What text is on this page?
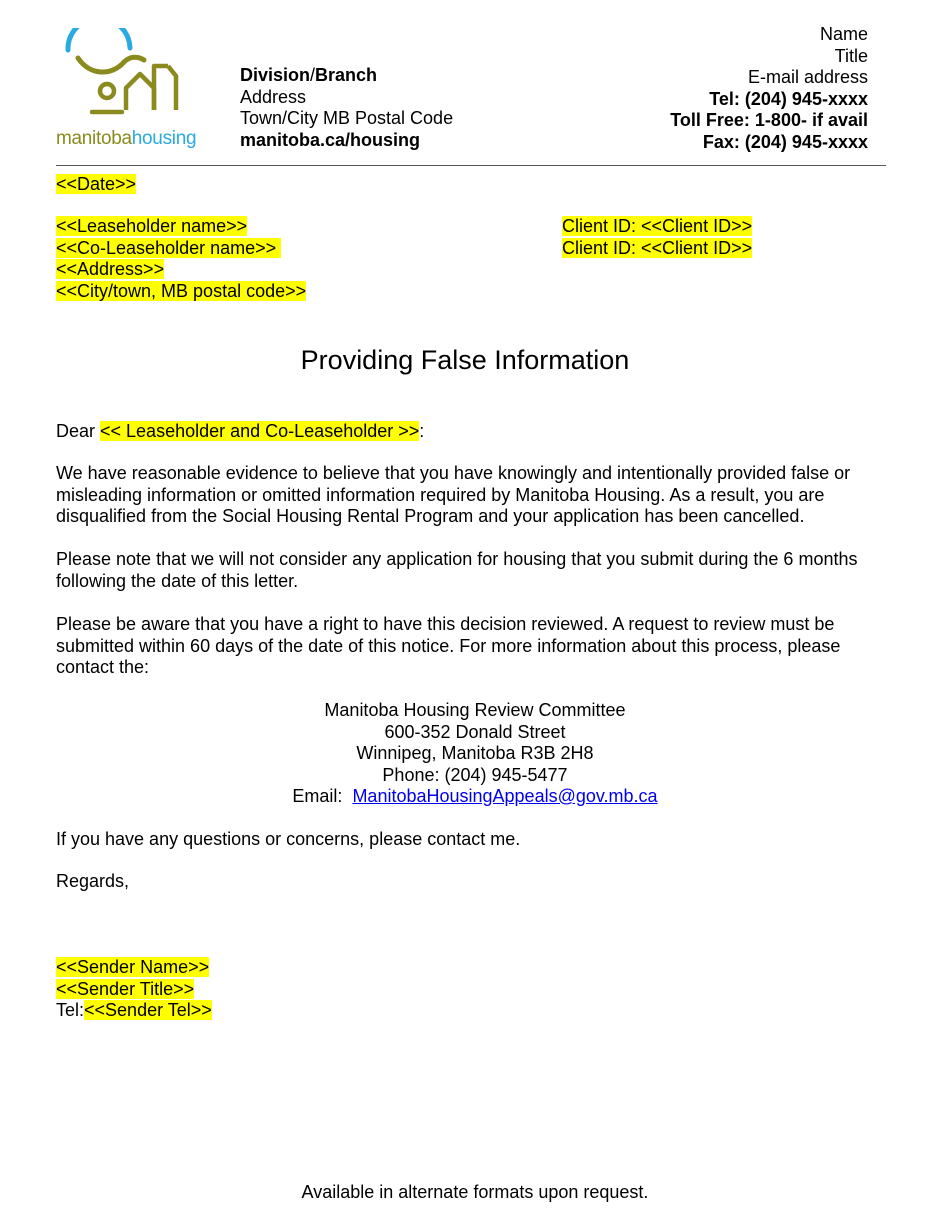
manitobahousing
Division/Branch
Address
Town/City MB Postal Code
manitoba.ca/housing
Name
Title
E-mail address
Tel: (204) 945-xxxx
Toll Free: 1-800- if avail
Fax: (204) 945-xxxx
<<Date>>
<<Leaseholder name>>
<<Co-Leaseholder name>>
<<Address>>
<<City/town, MB postal code>>
Client ID: <<Client ID>>
Client ID: <<Client ID>>
Providing False Information
Dear << Leaseholder and Co-Leaseholder >>:
We have reasonable evidence to believe that you have knowingly and intentionally provided false or misleading information or omitted information required by Manitoba Housing. As a result, you are disqualified from the Social Housing Rental Program and your application has been cancelled.
Please note that we will not consider any application for housing that you submit during the 6 months following the date of this letter.
Please be aware that you have a right to have this decision reviewed. A request to review must be submitted within 60 days of the date of this notice. For more information about this process, please contact the:
Manitoba Housing Review Committee
600-352 Donald Street
Winnipeg, Manitoba R3B 2H8
Phone: (204) 945-5477
Email:  ManitobaHousingAppeals@gov.mb.ca
If you have any questions or concerns, please contact me.
Regards,
<<Sender Name>>
<<Sender Title>>
Tel:<<Sender Tel>>
Available in alternate formats upon request.
